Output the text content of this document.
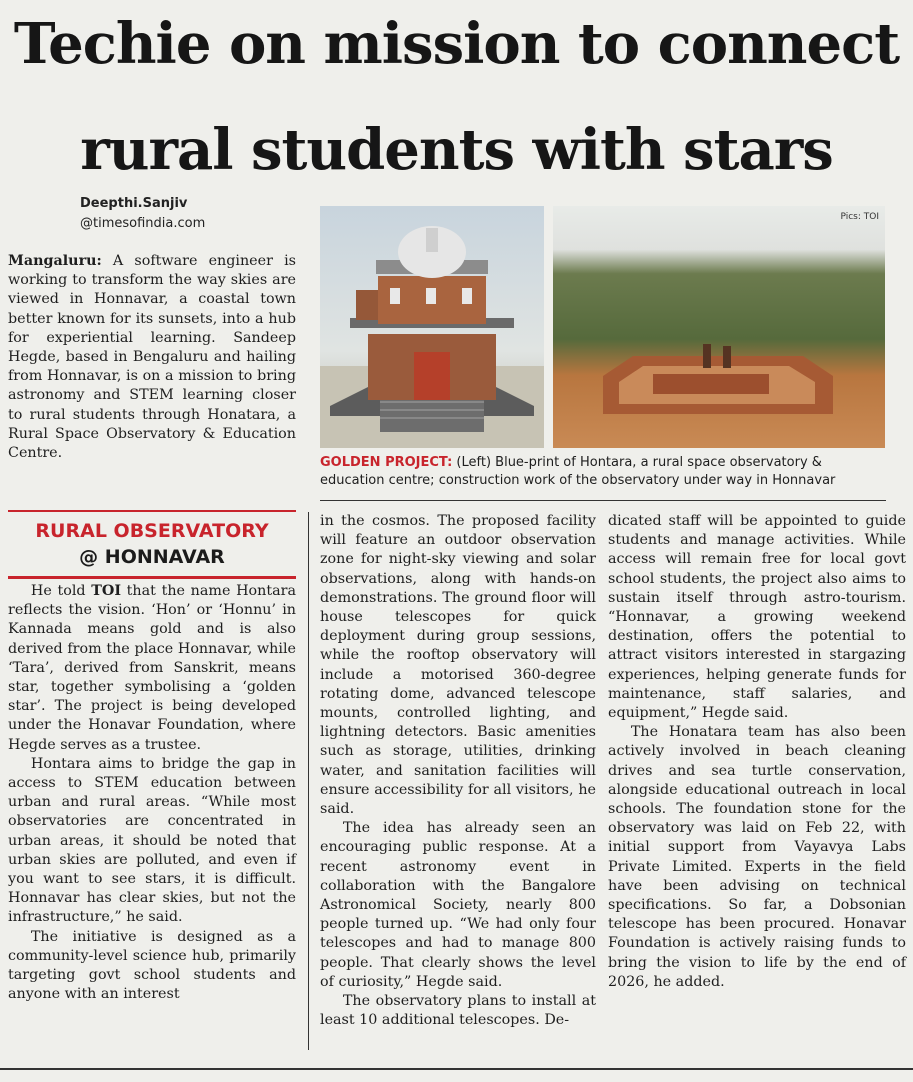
Techie on mission to connect
rural students with stars
Deepthi.Sanjiv
@timesofindia.com

Mangaluru: A software engineer is working to transform the way skies are viewed in Honnavar, a coastal town better known for its sunsets, into a hub for experiential learning. Sandeep Hegde, based in Bengaluru and hailing from Honnavar, is on a mission to bring astronomy and STEM learning closer to rural students through Honatara, a Rural Space Observatory & Education Centre.

Pics: TOI
GOLDEN PROJECT: (Left) Blue-print of Hontara, a rural space observatory & education centre; construction work of the observatory under way in Honnavar
RURAL OBSERVATORY
@ HONNAVAR

He told TOI that the name Hontara reflects the vision. ‘Hon’ or ‘Honnu’ in Kannada means gold and is also derived from the place Honnavar, while ‘Tara’, derived from Sanskrit, means star, together symbolising a ‘golden star’. The project is being developed under the Honavar Foundation, where Hegde serves as a trustee.

Hontara aims to bridge the gap in access to STEM education between urban and rural areas. “While most observatories are concentrated in urban areas, it should be noted that urban skies are polluted, and even if you want to see stars, it is difficult. Honnavar has clear skies, but not the infrastructure,” he said.

The initiative is designed as a community-level science hub, primarily targeting govt school students and anyone with an interest

in the cosmos. The proposed facility will feature an outdoor observation zone for night-sky viewing and solar observations, along with hands-on demonstrations. The ground floor will house telescopes for quick deployment during group sessions, while the rooftop observatory will include a motorised 360-degree rotating dome, advanced telescope mounts, controlled lighting, and lightning detectors. Basic amenities such as storage, utilities, drinking water, and sanitation facilities will ensure accessibility for all visitors, he said.

The idea has already seen an encouraging public response. At a recent astronomy event in collaboration with the Bangalore Astronomical Society, nearly 800 people turned up. “We had only four telescopes and had to manage 800 people. That clearly shows the level of curiosity,” Hegde said.

The observatory plans to install at least 10 additional telescopes. De-

dicated staff will be appointed to guide students and manage activities. While access will remain free for local govt school students, the project also aims to sustain itself through astro-tourism. “Honnavar, a growing weekend destination, offers the potential to attract visitors interested in stargazing experiences, helping generate funds for maintenance, staff salaries, and equipment,” Hegde said.

The Honatara team has also been actively involved in beach cleaning drives and sea turtle conservation, alongside educational outreach in local schools. The foundation stone for the observatory was laid on Feb 22, with initial support from Vayavya Labs Private Limited. Experts in the field have been advising on technical specifications. So far, a Dobsonian telescope has been procured. Honavar Foundation is actively raising funds to bring the vision to life by the end of 2026, he added.
